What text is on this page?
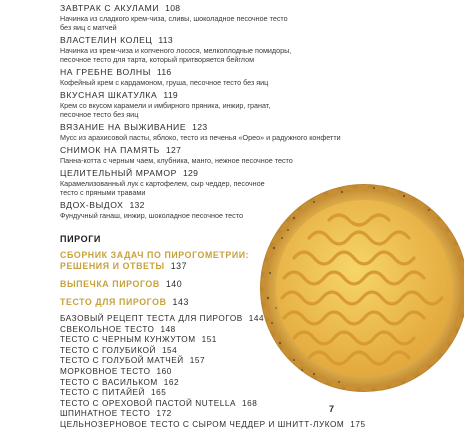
ЗАВТРАК С АКУЛАМИ 108
Начинка из сладкого крем-чиза, сливы, шоколадное песочное тесто без яиц с матчей
ВЛАСТЕЛИН КОЛЕЦ 113
Начинка из крем-чиза и копченого лосося, мелкоплодные помидоры, песочное тесто для тарта, который притворяется бейглом
НА ГРЕБНЕ ВОЛНЫ 116
Кофейный крем с кардамоном, груша, песочное тесто без яиц
ВКУСНАЯ ШКАТУЛКА 119
Крем со вкусом карамели и имбирного пряника, инжир, гранат, песочное тесто без яиц
ВЯЗАНИЕ НА ВЫЖИВАНИЕ 123
Мусс из арахисовой пасты, яблоко, тесто из печенья «Орео» и радужного конфетти
СНИМОК НА ПАМЯТЬ 127
Панна-котта с черным чаем, клубника, манго, нежное песочное тесто
ЦЕЛИТЕЛЬНЫЙ МРАМОР 129
Карамелизованный лук с картофелем, сыр чеддер, песочное тесто с пряными травами
ВДОХ-ВЫДОХ 132
Фундучный ганаш, инжир, шоколадное песочное тесто
ПИРОГИ
СБОРНИК ЗАДАЧ ПО ПИРОГОМЕТРИИ: РЕШЕНИЯ И ОТВЕТЫ 137
ВЫПЕЧКА ПИРОГОВ 140
ТЕСТО ДЛЯ ПИРОГОВ 143
БАЗОВЫЙ РЕЦЕПТ ТЕСТА ДЛЯ ПИРОГОВ 144
СВЕКОЛЬНОЕ ТЕСТО 148
ТЕСТО С ЧЕРНЫМ КУНЖУТОМ 151
ТЕСТО С ГОЛУБИКОЙ 154
ТЕСТО С ГОЛУБОЙ МАТЧЕЙ 157
МОРКОВНОЕ ТЕСТО 160
ТЕСТО С ВАСИЛЬКОМ 162
ТЕСТО С ПИТАЙЕЙ 165
ТЕСТО С ОРЕХОВОЙ ПАСТОЙ NUTELLA 168
ШПИНАТНОЕ ТЕСТО 172
ЦЕЛЬНОЗЕРНОВОЕ ТЕСТО С СЫРОМ ЧЕДДЕР И ШНИТТ-ЛУКОМ 175
7
